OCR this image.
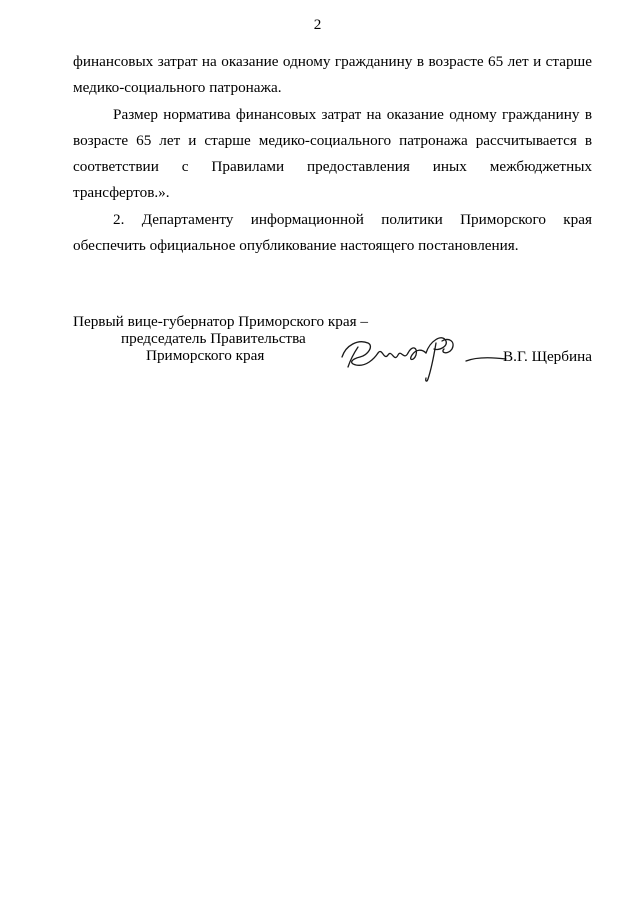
2

финансовых затрат на оказание одному гражданину в возрасте 65 лет и старше медико-социального патронажа.

Размер норматива финансовых затрат на оказание одному гражданину в возрасте 65 лет и старше медико-социального патронажа рассчитывается в соответствии с Правилами предоставления иных межбюджетных трансфертов.».

2. Департаменту информационной политики Приморского края обеспечить официальное опубликование настоящего постановления.

Первый вице-губернатор Приморского края –
председатель Правительства
Приморского края	В.Г. Щербина
